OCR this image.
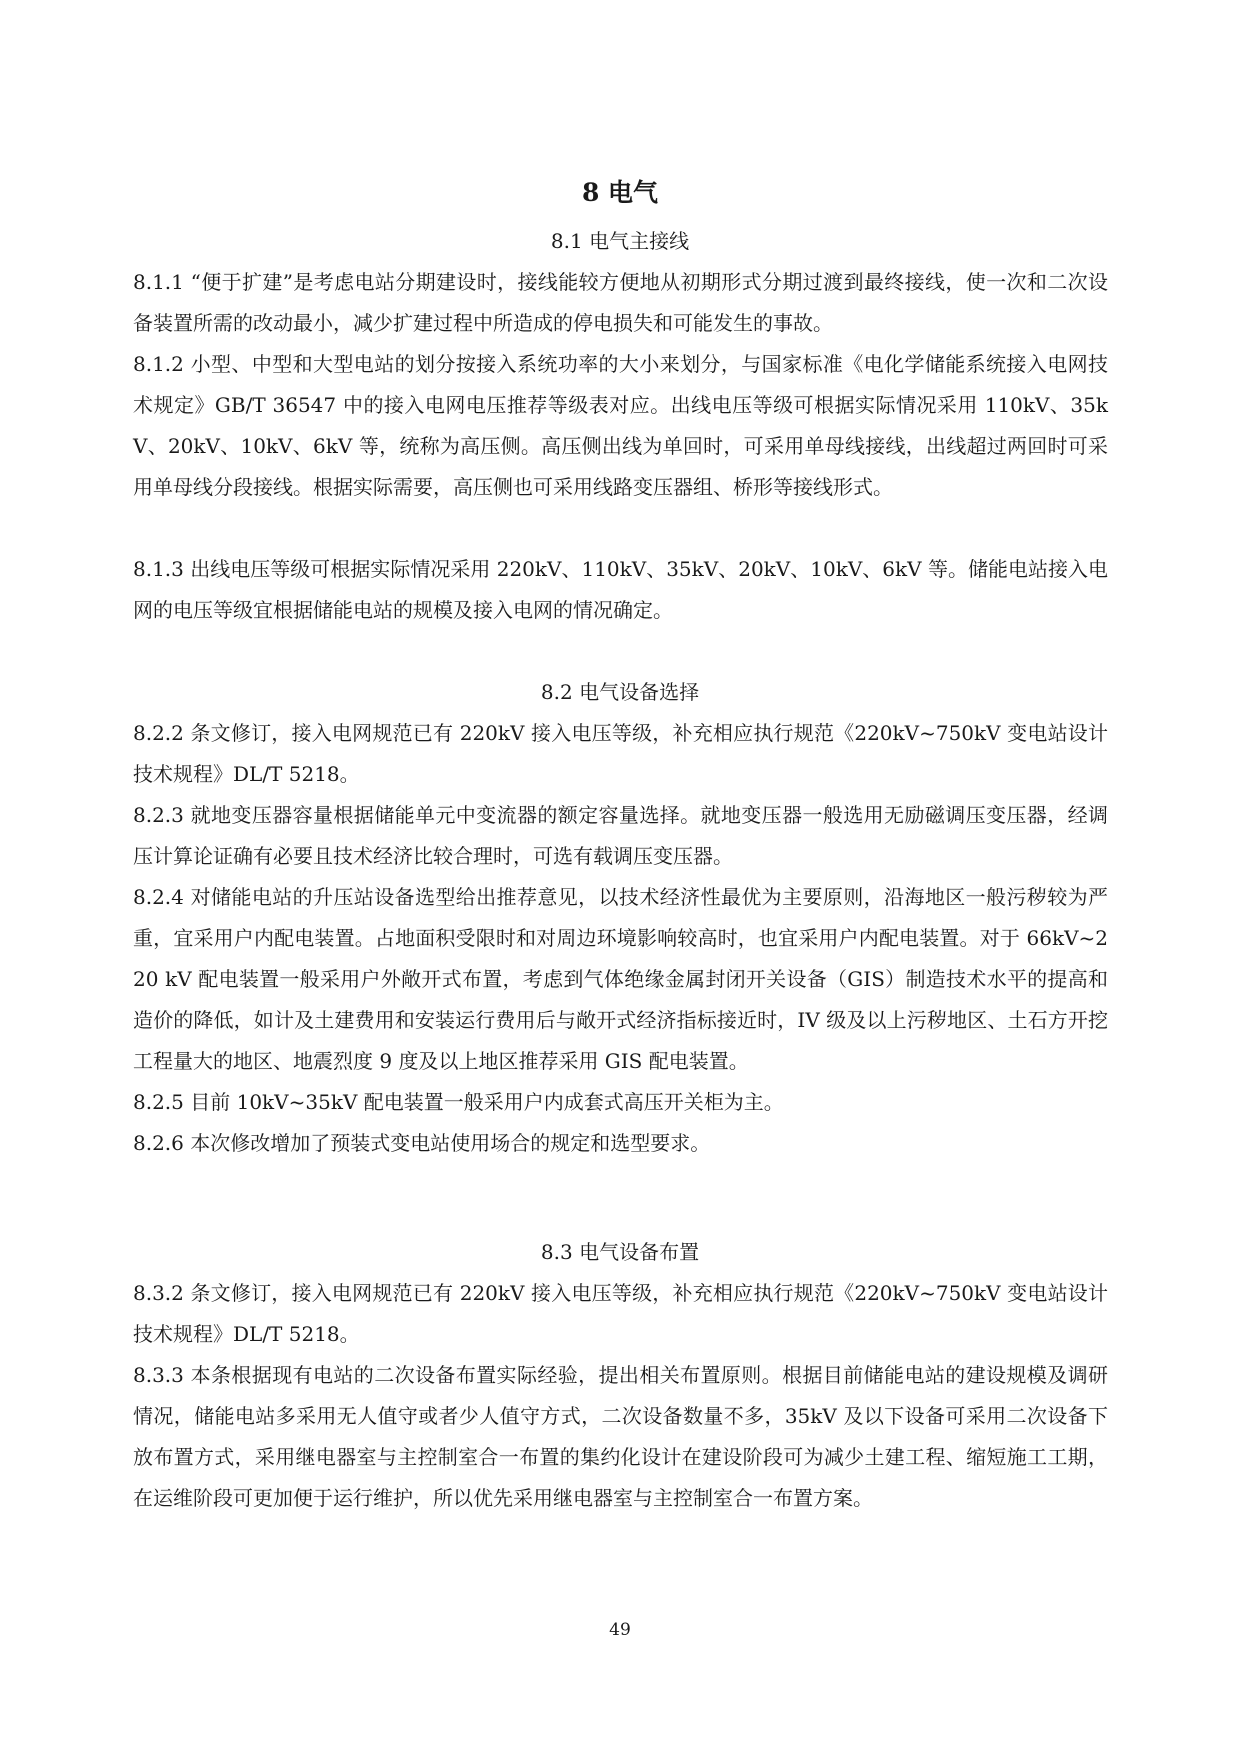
8 电气
8.1 电气主接线

8.1.1 “便于扩建”是考虑电站分期建设时，接线能较方便地从初期形式分期过渡到最终接线，使一次和二次设备装置所需的改动最小，减少扩建过程中所造成的停电损失和可能发生的事故。

8.1.2 小型、中型和大型电站的划分按接入系统功率的大小来划分，与国家标准《电化学储能系统接入电网技术规定》GB/T 36547 中的接入电网电压推荐等级表对应。出线电压等级可根据实际情况采用 110kV、35kV、20kV、10kV、6kV 等，统称为高压侧。高压侧出线为单回时，可采用单母线接线，出线超过两回时可采用单母线分段接线。根据实际需要，高压侧也可采用线路变压器组、桥形等接线形式。

8.1.3 出线电压等级可根据实际情况采用 220kV、110kV、35kV、20kV、10kV、6kV 等。储能电站接入电网的电压等级宜根据储能电站的规模及接入电网的情况确定。

8.2 电气设备选择

8.2.2 条文修订，接入电网规范已有 220kV 接入电压等级，补充相应执行规范《220kV~750kV 变电站设计技术规程》DL/T 5218。

8.2.3 就地变压器容量根据储能单元中变流器的额定容量选择。就地变压器一般选用无励磁调压变压器，经调压计算论证确有必要且技术经济比较合理时，可选有载调压变压器。

8.2.4 对储能电站的升压站设备选型给出推荐意见，以技术经济性最优为主要原则，沿海地区一般污秽较为严重，宜采用户内配电装置。占地面积受限时和对周边环境影响较高时，也宜采用户内配电装置。对于 66kV~220 kV 配电装置一般采用户外敞开式布置，考虑到气体绝缘金属封闭开关设备（GIS）制造技术水平的提高和造价的降低，如计及土建费用和安装运行费用后与敞开式经济指标接近时，IV 级及以上污秽地区、土石方开挖工程量大的地区、地震烈度 9 度及以上地区推荐采用 GIS 配电装置。

8.2.5 目前 10kV~35kV 配电装置一般采用户内成套式高压开关柜为主。

8.2.6 本次修改增加了预装式变电站使用场合的规定和选型要求。

8.3 电气设备布置

8.3.2 条文修订，接入电网规范已有 220kV 接入电压等级，补充相应执行规范《220kV~750kV 变电站设计技术规程》DL/T 5218。

8.3.3 本条根据现有电站的二次设备布置实际经验，提出相关布置原则。根据目前储能电站的建设规模及调研情况，储能电站多采用无人值守或者少人值守方式，二次设备数量不多，35kV 及以下设备可采用二次设备下放布置方式，采用继电器室与主控制室合一布置的集约化设计在建设阶段可为减少土建工程、缩短施工工期，在运维阶段可更加便于运行维护，所以优先采用继电器室与主控制室合一布置方案。

49
